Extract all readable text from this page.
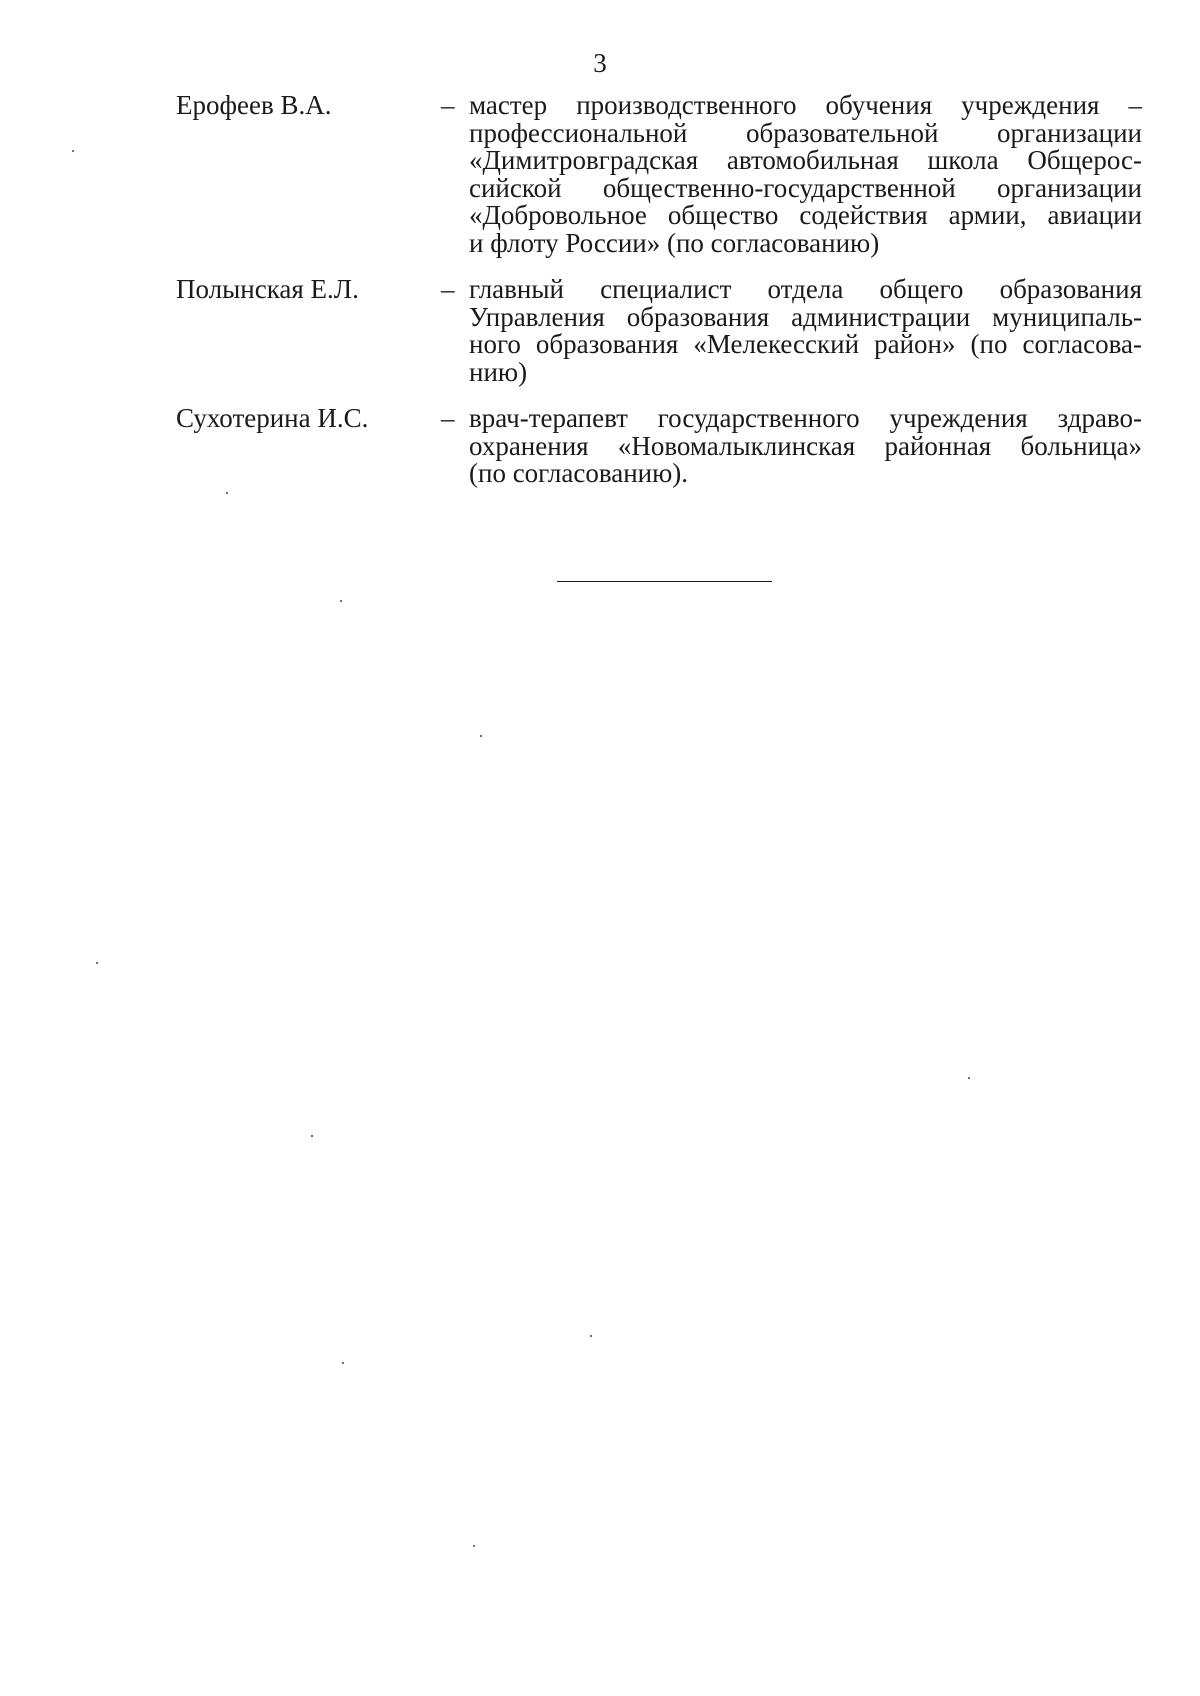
3
Ерофеев В.А.	– мастер производственного обучения учреждения –
профессиональной образовательной организации
«Димитровградская автомобильная школа Общерос-
сийской общественно-государственной организации
«Добровольное общество содействия армии, авиации
и флоту России» (по согласованию)
Полынская Е.Л.	– главный специалист отдела общего образования
Управления образования администрации муниципаль-
ного образования «Мелекесский район» (по согласова-
нию)
Сухотерина И.С.	– врач-терапевт государственного учреждения здраво-
охранения «Новомалыклинская районная больница»
(по согласованию).
